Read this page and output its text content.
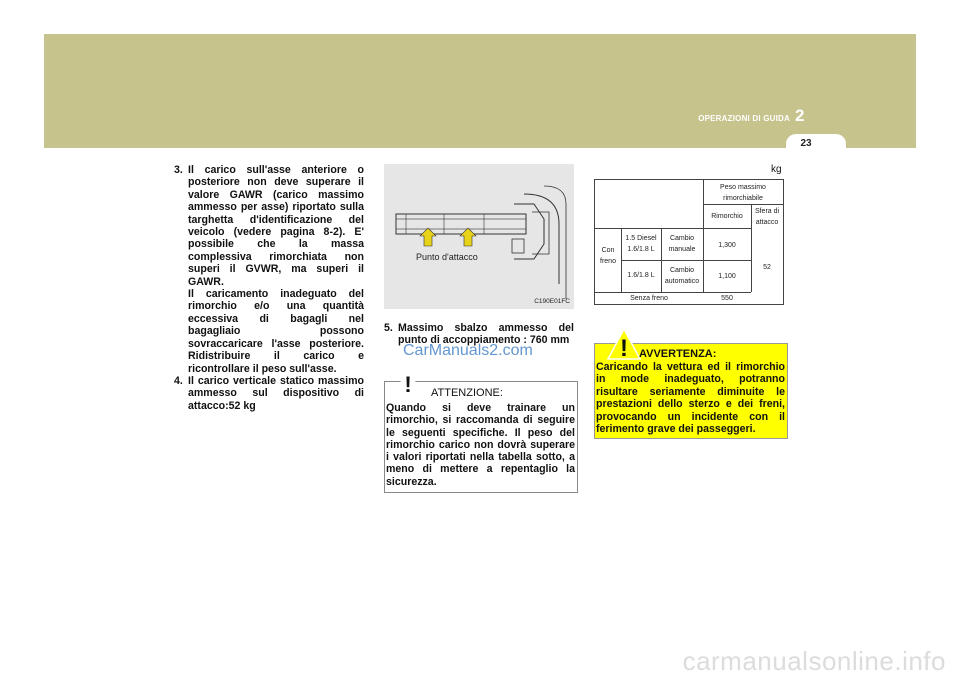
OPERAZIONI DI GUIDA 2
23
3. Il carico sull'asse anteriore o posteriore non deve superare il valore GAWR (carico massimo ammesso per asse) riportato sulla targhetta d'identificazione del veicolo (vedere pagina 8-2). E' possibile che la massa complessiva rimorchiata non superi il GVWR, ma superi il GAWR.

Il caricamento inadeguato del rimorchio e/o una quantità eccessiva di bagagli nel bagagliaio possono sovraccaricare l'asse posteriore. Ridistribuire il carico e ricontrollare il peso sull'asse.

4. Il carico verticale statico massimo ammesso sul dispositivo di attacco:52 kg

Punto d'attacco
C190E01FC
5. Massimo sbalzo ammesso del punto di accoppiamento : 760 mm
CarManuals2.com
! ATTENZIONE:
Quando si deve trainare un rimorchio, si raccomanda di seguire le seguenti specifiche. Il peso del rimorchio carico non dovrà superare i valori riportati nella tabella sotto, a meno di mettere a repentaglio la sicurezza.
kg
Peso massimo rimorchiabile
Rimorchio
Sfera di attacco
Con freno
1.5 Diesel 1.6/1.8 L
1.6/1.8 L
Cambio manuale
Cambio automatico
1,300
1,100
52
Senza freno	550
! AVVERTENZA:
Caricando la vettura ed il rimorchio in mode inadeguato, potranno risultare seriamente diminuite le prestazioni dello sterzo e dei freni, provocando un incidente con il ferimento grave dei passeggeri.
carmanualsonline.info
